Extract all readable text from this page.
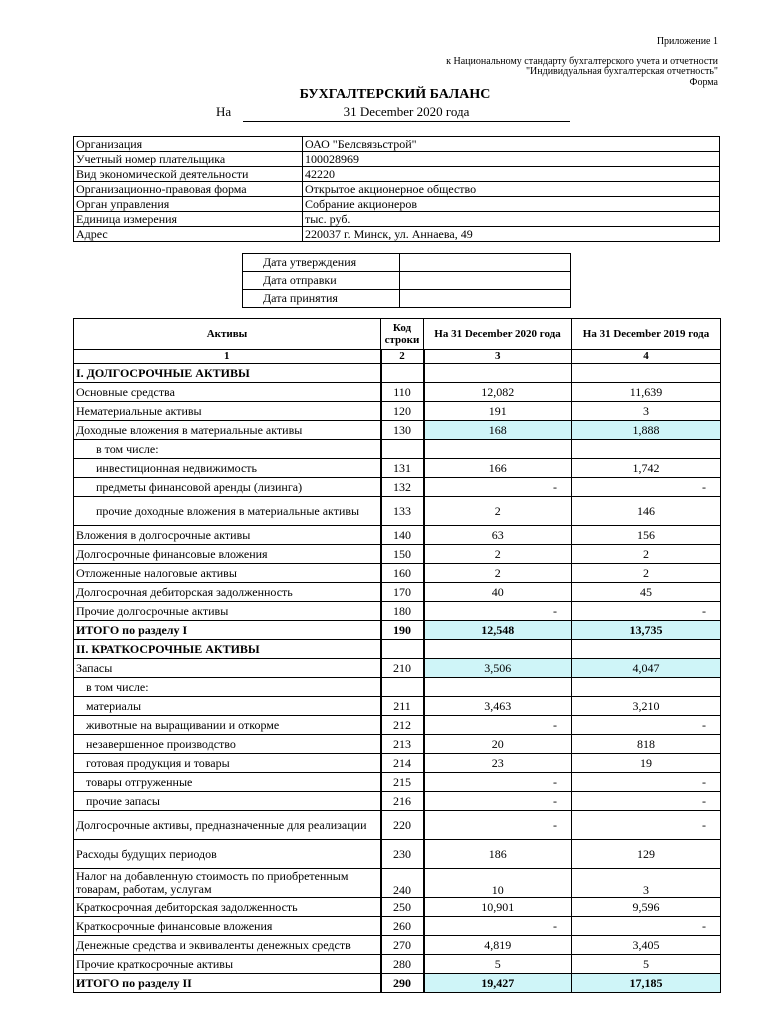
Приложение 1
к Национальному стандарту бухгалтерского учета и отчетности
"Индивидуальная бухгалтерская отчетность"
Форма
БУХГАЛТЕРСКИЙ БАЛАНС
На	31 December 2020 года
Организация	ОАО "Белсвязьстрой"
Учетный номер плательщика	100028969
Вид экономической деятельности	42220
Организационно-правовая форма	Открытое акционерное общество
Орган управления	Собрание акционеров
Единица измерения	тыс. руб.
Адрес	220037 г. Минск, ул. Аннаева, 49
Дата утверждения	
Дата отправки	
Дата принятия	
Активы	Код строки	На 31 December 2020 года	На 31 December 2019 года
1	2	3	4
I. ДОЛГОСРОЧНЫЕ АКТИВЫ			
Основные средства	110	12,082	11,639
Нематериальные активы	120	191	3
Доходные вложения в материальные активы	130	168	1,888
в том числе:			
инвестиционная недвижимость	131	166	1,742
предметы финансовой аренды (лизинга)	132	-	-
прочие доходные вложения в материальные активы	133	2	146
Вложения в долгосрочные активы	140	63	156
Долгосрочные финансовые вложения	150	2	2
Отложенные налоговые активы	160	2	2
Долгосрочная дебиторская задолженность	170	40	45
Прочие долгосрочные активы	180	-	-
ИТОГО по разделу I	190	12,548	13,735
II. КРАТКОСРОЧНЫЕ АКТИВЫ			
Запасы	210	3,506	4,047
в том числе:			
материалы	211	3,463	3,210
животные на выращивании и откорме	212	-	-
незавершенное производство	213	20	818
готовая продукция и товары	214	23	19
товары отгруженные	215	-	-
прочие запасы	216	-	-
Долгосрочные активы, предназначенные для реализации	220	-	-
Расходы будущих периодов	230	186	129
Налог на добавленную стоимость по приобретенным товарам, работам, услугам	240	10	3
Краткосрочная дебиторская задолженность	250	10,901	9,596
Краткосрочные финансовые вложения	260	-	-
Денежные средства и эквиваленты денежных средств	270	4,819	3,405
Прочие краткосрочные активы	280	5	5
ИТОГО по разделу II	290	19,427	17,185
